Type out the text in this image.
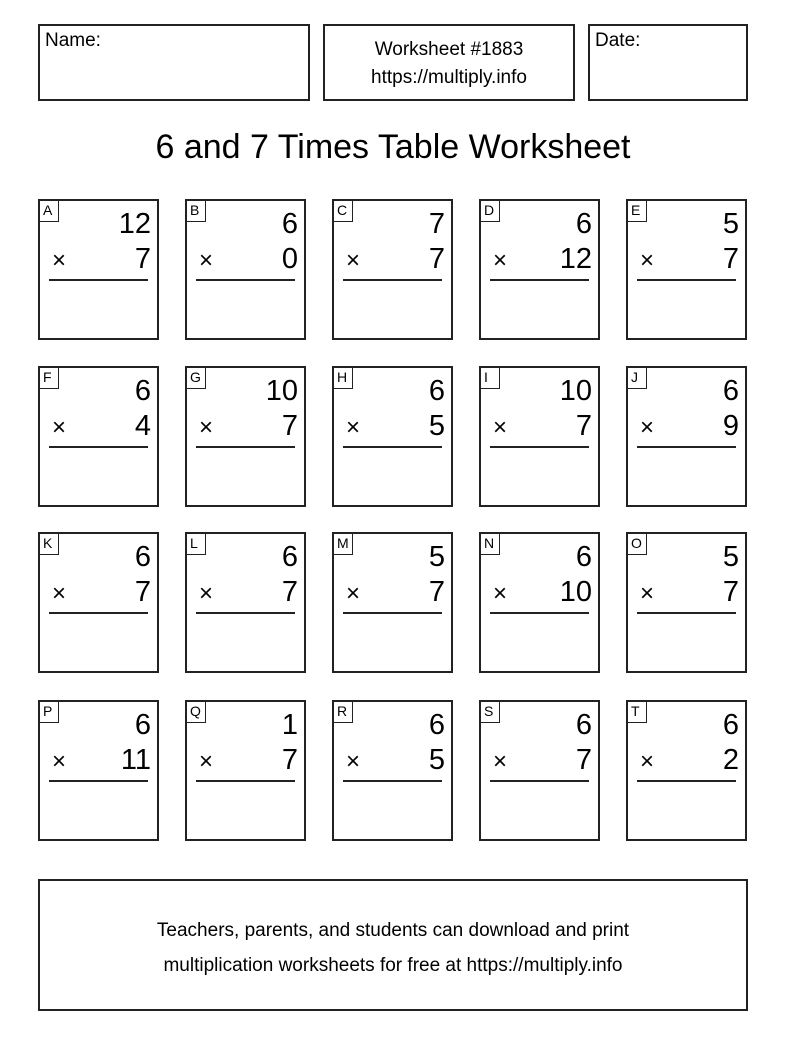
Name:	Worksheet #1883
https://multiply.info
Date:
6 and 7 Times Table Worksheet
A 12
× 7
B	6
× 0
C	7
× 7
D	6
× 12
E	5
× 7
F	6
× 4
G 10
× 7
H	6
× 5
I	10
× 7
J	6
× 9
K	6
× 7
L	6
× 7
M	5
× 7
N	6
× 10
O	5
× 7
P	6
× 11
Q	1
× 7
R	6
× 5
S	6
× 7
T	6
× 2
Teachers, parents, and students can download and print
multiplication worksheets for free at https://multiply.info
